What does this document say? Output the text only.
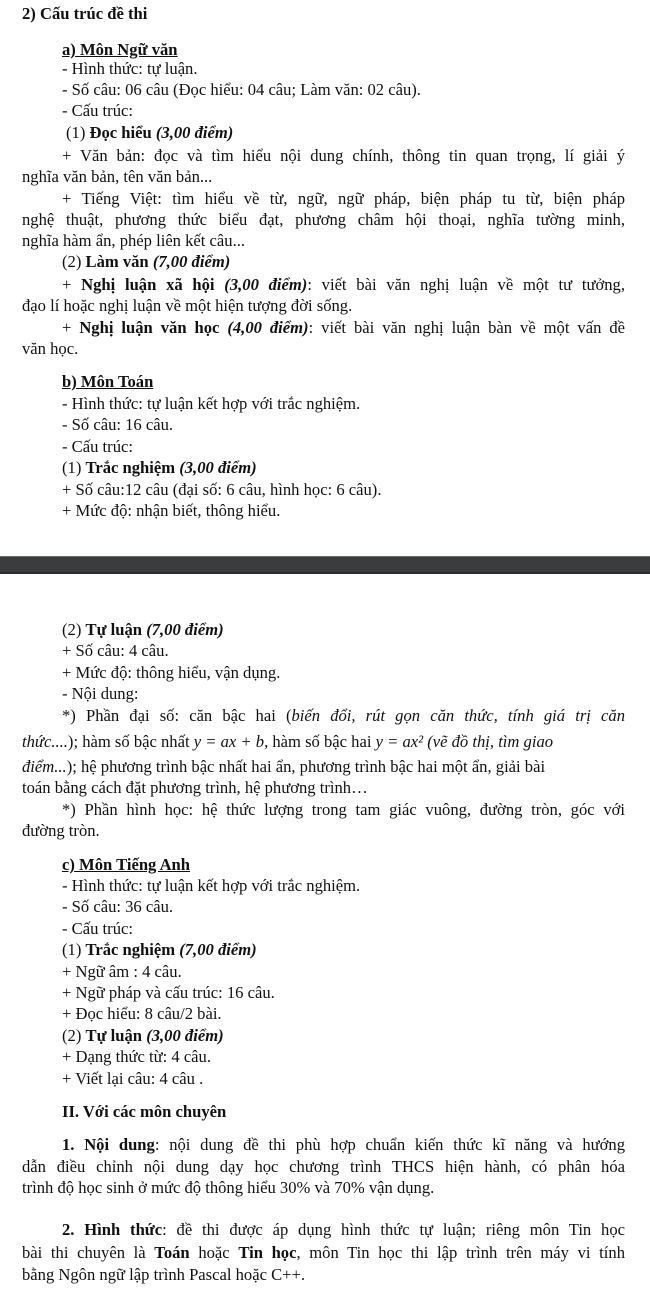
2) Cấu trúc đề thi
a) Môn Ngữ văn
- Hình thức: tự luận.
- Số câu: 06 câu (Đọc hiểu: 04 câu; Làm văn: 02 câu).
- Cấu trúc:
(1) Đọc hiểu (3,00 điểm)
+ Văn bản: đọc và tìm hiểu nội dung chính, thông tin quan trọng, lí giải ý
nghĩa văn bản, tên văn bản...
+ Tiếng Việt: tìm hiểu về từ, ngữ, ngữ pháp, biện pháp tu từ, biện pháp
nghệ thuật, phương thức biểu đạt, phương châm hội thoại, nghĩa tường minh,
nghĩa hàm ẩn, phép liên kết câu...
(2) Làm văn (7,00 điểm)
+ Nghị luận xã hội (3,00 điểm): viết bài văn nghị luận về một tư tưởng,
đạo lí hoặc nghị luận về một hiện tượng đời sống.
+ Nghị luận văn học (4,00 điểm): viết bài văn nghị luận bàn về một vấn đề
văn học.
b) Môn Toán
- Hình thức: tự luận kết hợp với trắc nghiệm.
- Số câu: 16 câu.
- Cấu trúc:
(1) Trắc nghiệm (3,00 điểm)
+ Số câu:12 câu (đại số: 6 câu, hình học: 6 câu).
+ Mức độ: nhận biết, thông hiểu.
(2) Tự luận (7,00 điểm)
+ Số câu: 4 câu.
+ Mức độ: thông hiểu, vận dụng.
- Nội dung:
*) Phần đại số: căn bậc hai (biến đổi, rút gọn căn thức, tính giá trị căn
thức....); hàm số bậc nhất y = ax + b, hàm số bậc hai y = ax² (vẽ đồ thị, tìm giao
điểm...); hệ phương trình bậc nhất hai ẩn, phương trình bậc hai một ẩn, giải bài
toán bằng cách đặt phương trình, hệ phương trình…
*) Phần hình học: hệ thức lượng trong tam giác vuông, đường tròn, góc với
đường tròn.
c) Môn Tiếng Anh
- Hình thức: tự luận kết hợp với trắc nghiệm.
- Số câu: 36 câu.
- Cấu trúc:
(1) Trắc nghiệm (7,00 điểm)
+ Ngữ âm : 4 câu.
+ Ngữ pháp và cấu trúc: 16 câu.
+ Đọc hiểu: 8 câu/2 bài.
(2) Tự luận (3,00 điểm)
+ Dạng thức từ: 4 câu.
+ Viết lại câu: 4 câu .
II. Với các môn chuyên
1. Nội dung: nội dung đề thi phù hợp chuẩn kiến thức kĩ năng và hướng
dẫn điều chỉnh nội dung dạy học chương trình THCS hiện hành, có phân hóa
trình độ học sinh ở mức độ thông hiểu 30% và 70% vận dụng.
2. Hình thức: đề thi được áp dụng hình thức tự luận; riêng môn Tin học
bài thi chuyên là Toán hoặc Tin học, môn Tin học thi lập trình trên máy vi tính
bằng Ngôn ngữ lập trình Pascal hoặc C++.
